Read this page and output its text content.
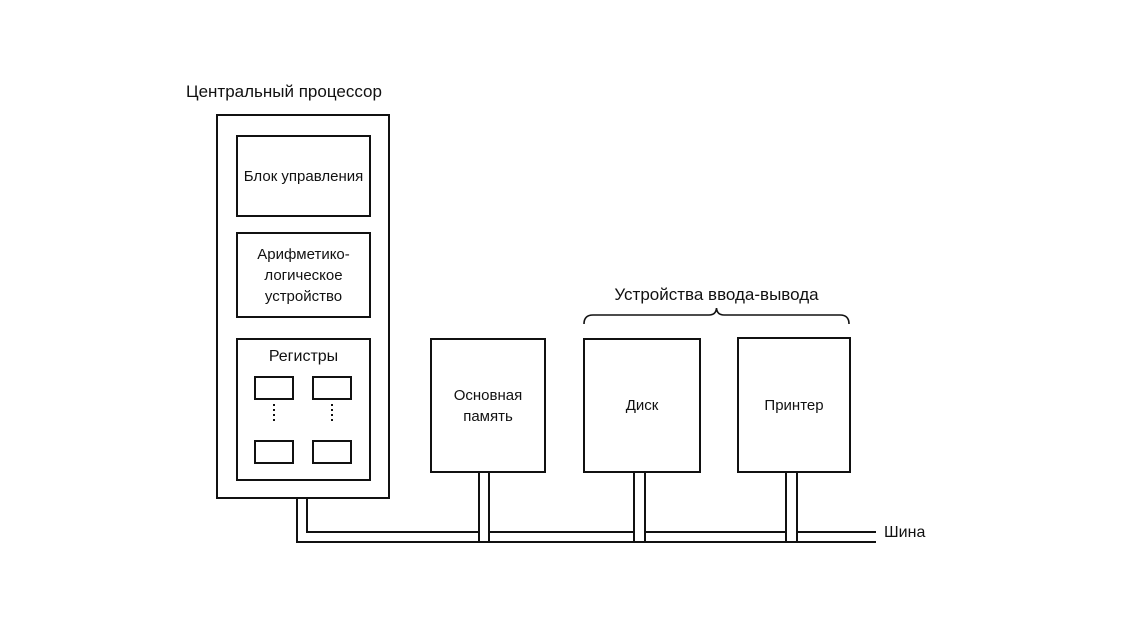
Центральный процессор
Блок управления
Арифметико-логическое устройство
Регистры
Основная память
Устройства ввода-вывода
Диск	Принтер
Шина
